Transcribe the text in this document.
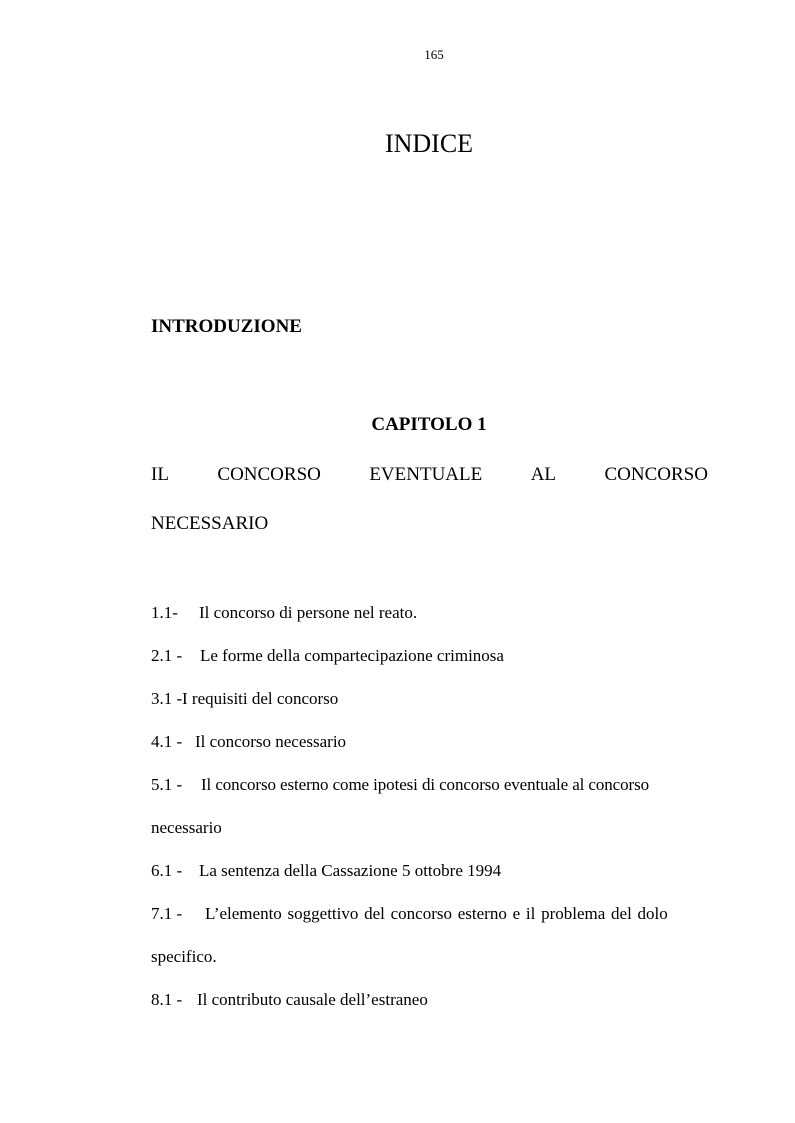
165
INDICE
INTRODUZIONE
CAPITOLO 1
IL	CONCORSO	EVENTUALE	AL	CONCORSO
NECESSARIO
1.1- Il concorso di persone nel reato.
2.1 - Le forme della compartecipazione criminosa
3.1 -I requisiti del concorso
4.1 - Il concorso necessario
5.1 - Il concorso esterno come ipotesi di concorso eventuale al concorso
necessario
6.1 - La sentenza della Cassazione 5 ottobre 1994
7.1 - L’elemento soggettivo del concorso esterno e il problema del dolo
specifico.
8.1 - Il contributo causale dell’estraneo
